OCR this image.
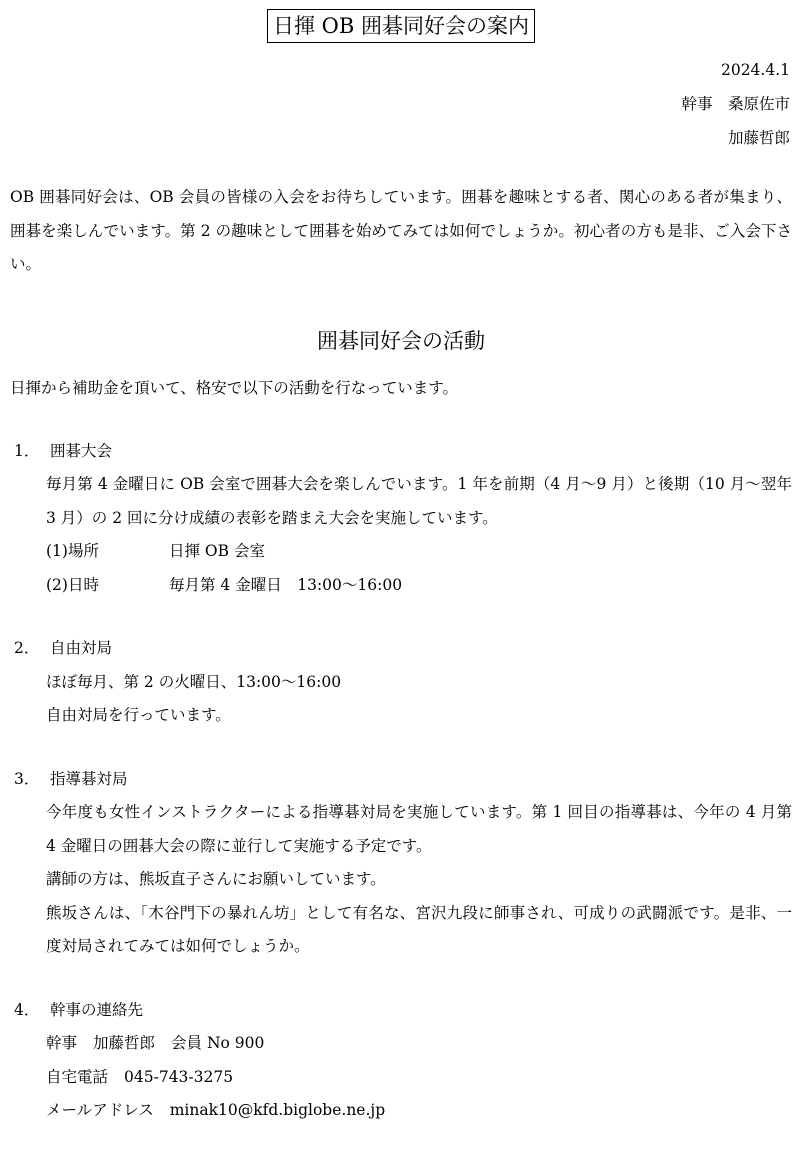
日揮 OB 囲碁同好会の案内
2024.4.1
幹事　 桑原佐市
加藤哲郎

OB 囲碁同好会は、OB 会員の皆様の入会をお待ちしています。囲碁を趣味とする者、関心のある者が集まり、囲碁を楽しんでいます。第 2 の趣味として囲碁を始めてみては如何でしょうか。初心者の方も是非、ご入会下さい。

囲碁同好会の活動
日揮から補助金を頂いて、格安で以下の活動を行なっています。
1． 囲碁大会
毎月第 4 金曜日に OB 会室で囲碁大会を楽しんでいます。1 年を前期（4 月～9 月）と後期（10 月～翌年 3 月）の 2 回に分け成績の表彰を踏まえ大会を実施しています。
(1)場所	日揮 OB 会室
(2)日時	毎月第 4 金曜日　13:00～16:00
2． 自由対局
ほぼ毎月、第 2 の火曜日、13:00～16:00
自由対局を行っています。
3． 指導碁対局
今年度も女性インストラクターによる指導碁対局を実施しています。第 1 回目の指導碁は、今年の 4 月第 4 金曜日の囲碁大会の際に並行して実施する予定です。
講師の方は、熊坂直子さんにお願いしています。
熊坂さんは、「木谷門下の暴れん坊」として有名な、宮沢九段に師事され、可成りの武闘派です。是非、一度対局されてみては如何でしょうか。
4． 幹事の連絡先
幹事 加藤哲郎 会員 No 900
自宅電話 045-743-3275
メールアドレス minak10@kfd.biglobe.ne.jp
